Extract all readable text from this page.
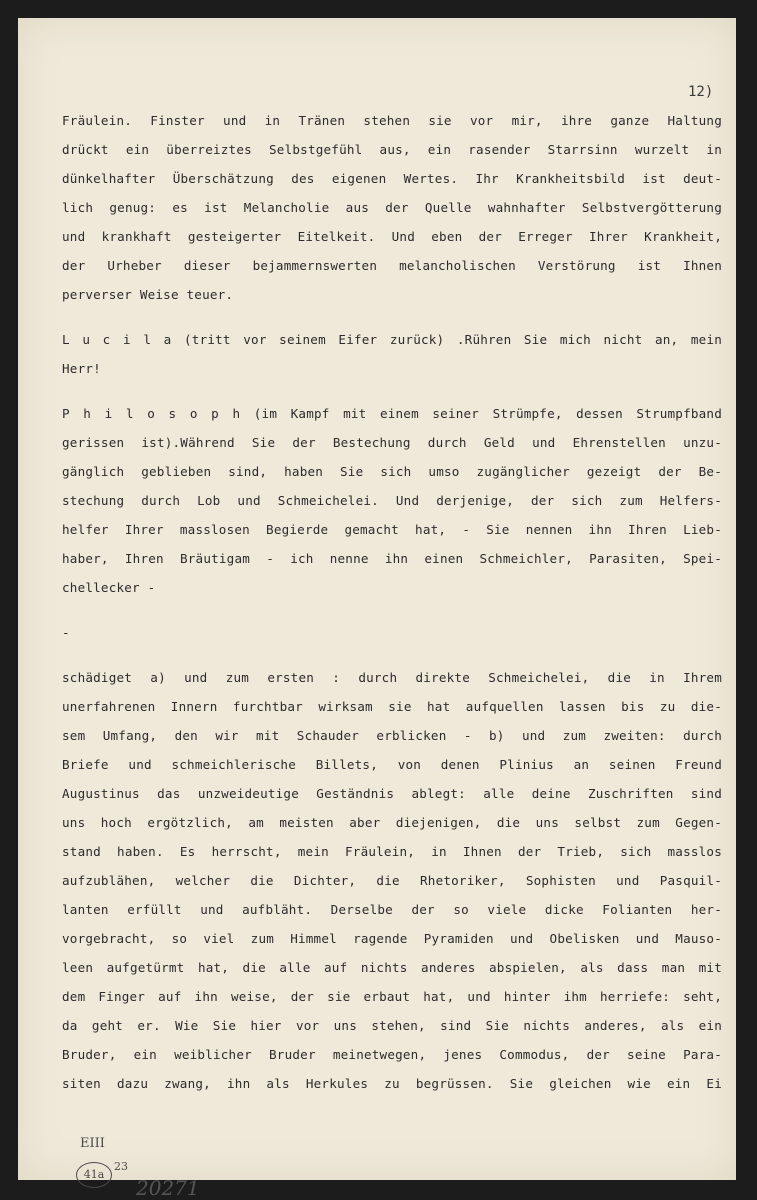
12)
Fräulein. Finster und in Tränen stehen sie vor mir, ihre ganze Haltung
drückt ein überreiztes Selbstgefühl aus, ein rasender Starrsinn wurzelt in
dünkelhafter Überschätzung des eigenen Wertes. Ihr Krankheitsbild ist deut-
lich genug: es ist Melancholie aus der Quelle wahnhafter Selbstvergötterung
und krankhaft gesteigerter Eitelkeit. Und eben der Erreger Ihrer Krankheit,
der Urheber dieser bejammernswerten melancholischen Verstörung ist Ihnen
perverser Weise teuer.
L u c i l a (tritt vor seinem Eifer zurück) .Rühren Sie mich nicht an, mein
Herr!
P h i l o s o p h (im Kampf mit einem seiner Strümpfe, dessen Strumpfband
gerissen ist).Während Sie der Bestechung durch Geld und Ehrenstellen unzu-
gänglich geblieben sind, haben Sie sich umso zugänglicher gezeigt der Be-
stechung durch Lob und Schmeichelei. Und derjenige, der sich zum Helfers-
helfer Ihrer masslosen Begierde gemacht hat, - Sie nennen ihn Ihren Lieb-
haber, Ihren Bräutigam - ich nenne ihn einen Schmeichler, Parasiten, Spei-
chellecker -
-
schädiget a) und zum ersten : durch direkte Schmeichelei, die in Ihrem
unerfahrenen Innern furchtbar wirksam sie hat aufquellen lassen bis zu die-
sem Umfang, den wir mit Schauder erblicken - b) und zum zweiten: durch
Briefe und schmeichlerische Billets, von denen Plinius an seinen Freund
Augustinus das unzweideutige Geständnis ablegt: alle deine Zuschriften sind
uns hoch ergötzlich, am meisten aber diejenigen, die uns selbst zum Gegen-
stand haben. Es herrscht, mein Fräulein, in Ihnen der Trieb, sich masslos
aufzublähen, welcher die Dichter, die Rhetoriker, Sophisten und Pasquil-
lanten erfüllt und aufbläht. Derselbe der so viele dicke Folianten her-
vorgebracht, so viel zum Himmel ragende Pyramiden und Obelisken und Mauso-
leen aufgetürmt hat, die alle auf nichts anderes abspielen, als dass man mit
dem Finger auf ihn weise, der sie erbaut hat, und hinter ihm herriefe: seht,
da geht er. Wie Sie hier vor uns stehen, sind Sie nichts anderes, als ein
Bruder, ein weiblicher Bruder meinetwegen, jenes Commodus, der seine Para-
siten dazu zwang, ihn als Herkules zu begrüssen. Sie gleichen wie ein Ei
EIII
41a
23
20271
